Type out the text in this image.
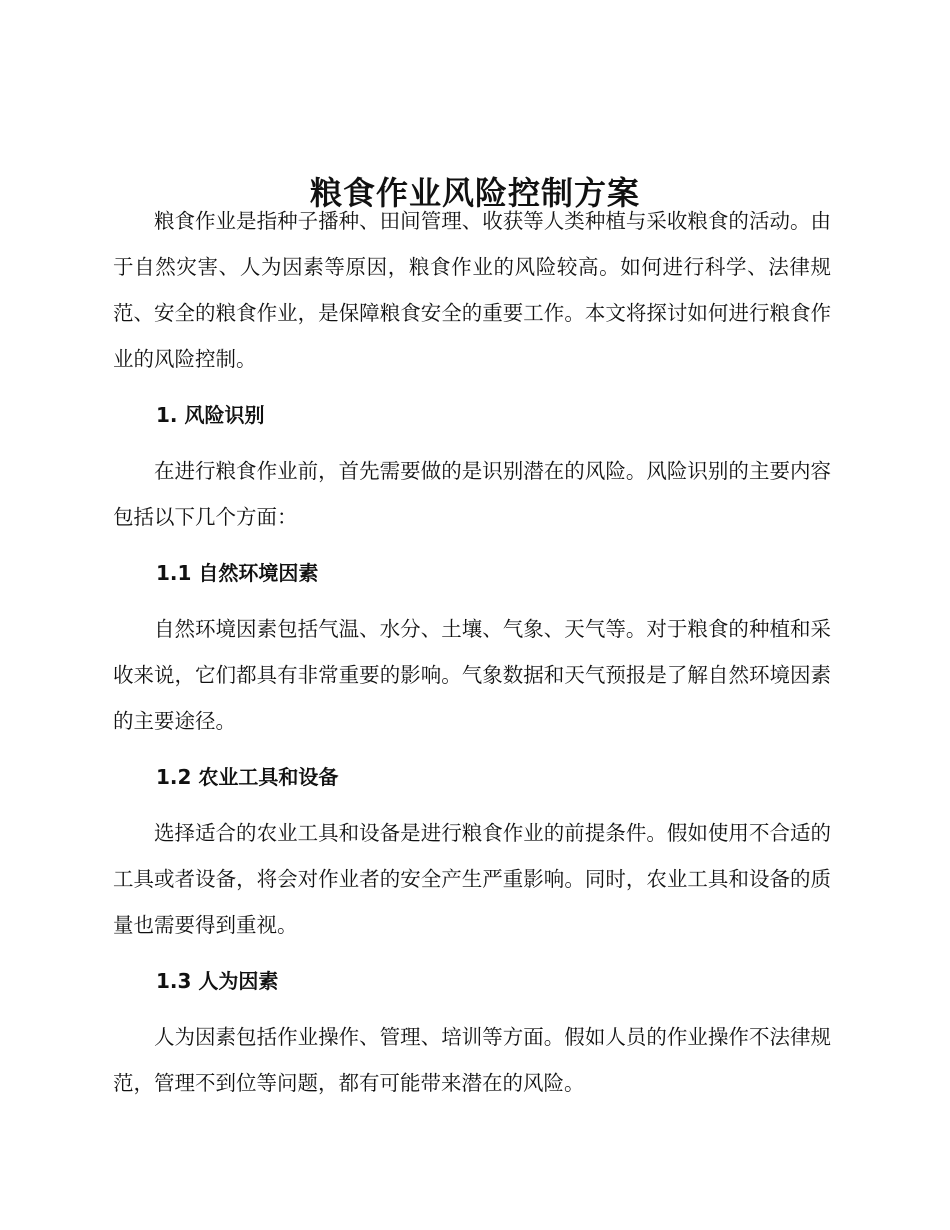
粮食作业风险控制方案

粮食作业是指种子播种、田间管理、收获等人类种植与采收粮食的活动。由于自然灾害、人为因素等原因，粮食作业的风险较高。如何进行科学、法律规范、安全的粮食作业，是保障粮食安全的重要工作。本文将探讨如何进行粮食作业的风险控制。

1. 风险识别

在进行粮食作业前，首先需要做的是识别潜在的风险。风险识别的主要内容包括以下几个方面：

1.1 自然环境因素

自然环境因素包括气温、水分、土壤、气象、天气等。对于粮食的种植和采收来说，它们都具有非常重要的影响。气象数据和天气预报是了解自然环境因素的主要途径。

1.2 农业工具和设备

选择适合的农业工具和设备是进行粮食作业的前提条件。假如使用不合适的工具或者设备，将会对作业者的安全产生严重影响。同时，农业工具和设备的质量也需要得到重视。

1.3 人为因素

人为因素包括作业操作、管理、培训等方面。假如人员的作业操作不法律规范，管理不到位等问题，都有可能带来潜在的风险。
